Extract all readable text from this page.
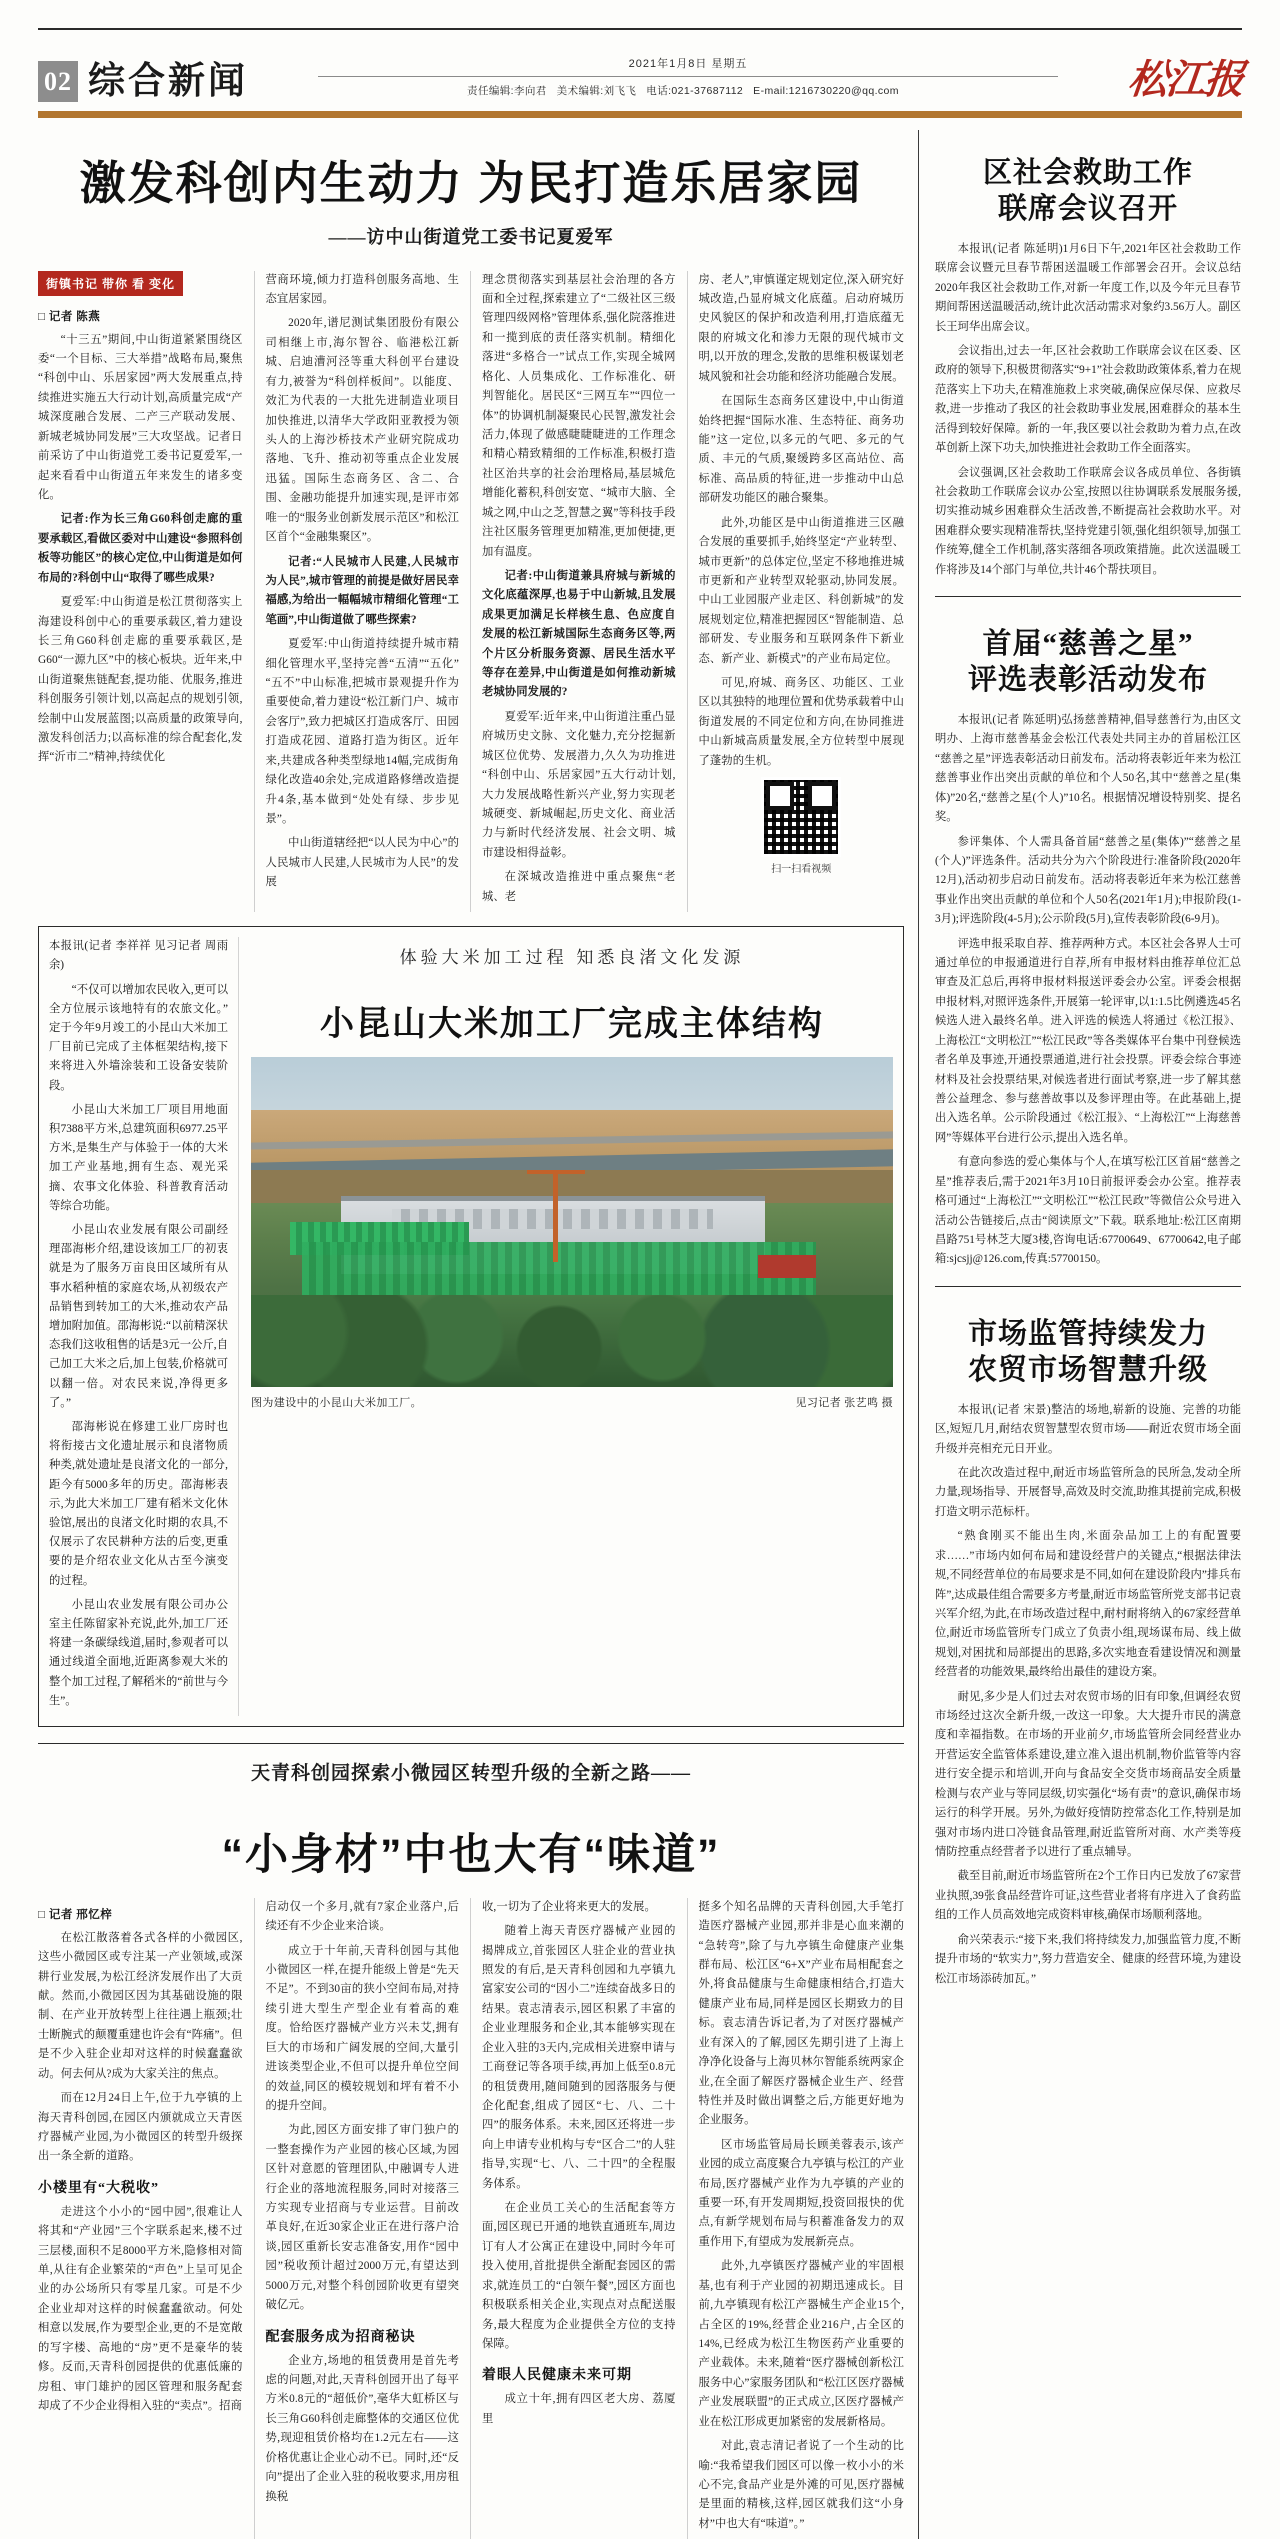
02 综合新闻	2021年1月8日 星期五
责任编辑:李向君 美术编辑:刘飞飞 电话:021-37687112 E-mail:1216730220@qq.com	松江报
激发科创内生动力 为民打造乐居家园
——访中山街道党工委书记夏爱军
街镇书记 带你 看 变化
□ 记者 陈燕

“十三五”期间,中山街道紧紧围绕区委“一个目标、三大举措”战略布局,聚焦“科创中山、乐居家园”两大发展重点,持续推进实施五大行动计划,高质量完成“产城深度融合发展、二产三产联动发展、新城老城协同发展”三大攻坚战。记者日前采访了中山街道党工委书记夏爱军,一起来看看中山街道五年来发生的诸多变化。

记者:作为长三角G60科创走廊的重要承载区,看做区委对中山建设“参照科创板等功能区”的核心定位,中山街道是如何布局的?科创中山“取得了哪些成果?

夏爱军:中山街道是松江贯彻落实上海建设科创中心的重要承载区,着力建设长三角G60科创走廊的重要承载区,是G60“一源九区”中的核心板块。近年来,中山街道聚焦链配套,提功能、优服务,推进科创服务引领计划,以高起点的规划引领,绘制中山发展蓝图;以高质量的政策导向,激发科创活力;以高标准的综合配套化,发挥“沂市二”精神,持续优化

营商环境,倾力打造科创服务高地、生态宜居家园。

2020年,谱尼测试集团股份有限公司相继上市,海尔智谷、临港松江新城、启迪漕河泾等重大科创平台建设有力,被誉为“科创样板间”。以能度、效汇为代表的一大批先进制造业项目加快推进,以清华大学政阳亚教授为领头人的上海沙桥技术产业研究院成功落地、飞升、推动初等重点企业发展迅猛。国际生态商务区、含二、合围、金融功能提升加速实现,是评市郊唯一的“服务业创新发展示范区”和松江区首个“金融集聚区”。

记者:“人民城市人民建,人民城市为人民”,城市管理的前提是做好居民幸福感,为给出一幅幅城市精细化管理“工笔画”,中山街道做了哪些探索?

夏爱军:中山街道持续提升城市精细化管理水平,坚持完善“五清”“五化”“五不”中山标准,把城市景观提升作为重要使命,着力建设“松江新门户、城市会客厅”,致力把城区打造成客厅、田园打造成花园、道路打造为街区。近年来,共建成各种类型绿地14幅,完成街角绿化改造40余处,完成道路修缮改造提升4条,基本做到“处处有绿、步步见景”。

中山街道辖经把“以人民为中心”的人民城市人民建,人民城市为人民”的发展

理念贯彻落实到基层社会治理的各方面和全过程,探索建立了“二级社区三级管理四级网格”管理体系,强化院落推进和一揽到底的责任落实机制。精细化落进“多格合一”试点工作,实现全城网格化、人员集成化、工作标准化、研判智能化。居民区“三网互车”“四位一体”的协调机制凝聚民心民智,激发社会活力,体现了做感睫睫睫进的工作理念和精心精致精细的工作标准,积极打造社区治共享的社会治理格局,基层城危增能化蓄积,科创安宽、“城市大脑、全城之网,中山之芝,智慧之翼”等科技手段注社区服务管理更加精准,更加便捷,更加有温度。

记者:中山街道兼具府城与新城的文化底蕴深厚,也易于中山新城,且发展成果更加满足长样核生息、色应度自发展的松江新城国际生态商务区等,两个片区分析服务资源、居民生活水平等存在差异,中山街道是如何推动新城老城协同发展的?

夏爱军:近年来,中山街道注重凸显府城历史文脉、文化魅力,充分挖掘新城区位优势、发展潜力,久久为功推进“科创中山、乐居家园”五大行动计划,大力发展战略性新兴产业,努力实现老城硬变、新城崛起,历史文化、商业活力与新时代经济发展、社会文明、城市建设相得益彰。

在深城改造推进中重点聚焦“老城、老

房、老人”,审慎谨定规划定位,深入研究好城改造,凸显府城文化底蕴。启动府城历史风貌区的保护和改造利用,打造底蕴无限的府城文化和渗力无限的现代城市文明,以开放的理念,发散的思维积极谋划老城风貌和社会功能和经济功能融合发展。

在国际生态商务区建设中,中山街道始终把握“国际水准、生态特征、商务功能”这一定位,以多元的气吧、多元的气质、丰元的气质,聚缓跨多区高站位、高标准、高品质的特征,进一步推动中山总部研发功能区的融合聚集。

此外,功能区是中山街道推进三区融合发展的重要抓手,始终坚定“产业转型、城市更新”的总体定位,坚定不移地推进城市更新和产业转型双轮驱动,协同发展。中山工业园服产业走区、科创新城”的发展规划定位,精准把握园区“智能制造、总部研发、专业服务和互联网条件下新业态、新产业、新模式”的产业布局定位。

可见,府城、商务区、功能区、工业区以其独特的地理位置和优势承载着中山街道发展的不同定位和方向,在协同推进中山新城高质量发展,全方位转型中展现了蓬勃的生机。

扫一扫看视频

本报讯(记者 李祥祥 见习记者 周雨余)

“不仅可以增加农民收入,更可以全方位展示该地特有的农旅文化。”定于今年9月竣工的小昆山大米加工厂目前已完成了主体框架结构,接下来将进入外墙涂装和工设备安装阶段。

小昆山大米加工厂项目用地面积7388平方米,总建筑面积6977.25平方米,是集生产与体验于一体的大米加工产业基地,拥有生态、观光采摘、农事文化体验、科普教育活动等综合功能。

小昆山农业发展有限公司副经理邵海彬介绍,建设该加工厂的初衷就是为了服务万亩良田区域所有从事水稻种植的家庭农场,从初级农产品销售到转加工的大米,推动农产品增加附加值。邵海彬说:“以前精深状态我们这收租售的话是3元一公斤,自己加工大米之后,加上包装,价格就可以翻一倍。对农民来说,净得更多了。”

邵海彬说在修建工业厂房时也将衔接古文化遗址展示和良渚物质种类,就处遗址是良渚文化的一部分,距今有5000多年的历史。邵海彬表示,为此大米加工厂建有稻米文化休验馆,展出的良渚文化时期的农具,不仅展示了农民耕种方法的后变,更重要的是介绍农业文化从古至今演变的过程。

小昆山农业发展有限公司办公室主任陈留家补充说,此外,加工厂还将建一条碳绿线道,届时,参观者可以通过线道全面地,近距离参观大米的整个加工过程,了解稻米的“前世与今生”。

体验大米加工过程 知悉良渚文化发源
小昆山大米加工厂完成主体结构
图为建设中的小昆山大米加工厂。	见习记者 张艺鸣 摄
天青科创园探索小微园区转型升级的全新之路——
“小身材”中也大有“味道”
□ 记者 邢忆梓

在松江散落着各式各样的小微园区,这些小微园区或专注某一产业领域,或深耕行业发展,为松江经济发展作出了大贡献。然而,小微园区因为其基础设施的限制、在产业开放转型上往往遇上瓶颈;壮士断腕式的颠覆重建也许会有“阵痛”。但是不少入驻企业却对这样的时候蠢蠢欲动。何去何从?成为大家关注的焦点。

而在12月24日上午,位于九亭镇的上海天青科创园,在园区内颁就成立天青医疗器械产业园,为小微园区的转型升级探出一条全新的道路。

小楼里有“大税收”

走进这个小小的“园中园”,很难让人将其和“产业园”三个字联系起来,楼不过三层楼,面积不足8000平方米,隐修相对简单,从往有企业繁荣的“声色”上呈可见企业的办公场所只有零星几家。可是不少企业业却对这样的时候蠢蠢欲动。何处相意以发展,作为要型企业,更的不是宽敞的写字楼、高地的“房”更不是豪华的装修。反而,天青科创园提供的优惠低廉的房租、审门雄护的园区管理和服务配套却成了不少企业得相入驻的“卖点”。招商

启动仅一个多月,就有7家企业落户,后续还有不少企业来洽谈。

成立于十年前,天青科创园与其他小微园区一样,在提升能级上曾是“先天不足”。不到30亩的狭小空间布局,对持续引进大型生产型企业有着高的难度。恰给医疗器械产业方兴未艾,拥有巨大的市场和广阔发展的空间,大量引进该类型企业,不但可以提升单位空间的效益,同区的模较规划和坪有着不小的提升空间。

为此,园区方面安排了审门独户的一整套操作为产业园的核心区域,为园区针对意愿的管理团队,中融调专人进行企业的落地流程服务,同时对接落三方实现专业招商与专业运营。目前改革良好,在近30家企业正在进行落户洽谈,园区重新长安志准备安,用作“园中园”税收预计超过2000万元,有望达到5000万元,对整个科创园阶收更有望突破亿元。

配套服务成为招商秘诀

企业方,场地的租赁费用是首先考虑的问题,对此,天青科创园开出了每平方米0.8元的“超低价”,毫华大虹桥区与长三角G60科创走廊整体的交通区位优势,现迎租赁价格均在1.2元左右——这价格优惠让企业心动不已。同时,还“反向”提出了企业入驻的税收要求,用房租换税

收,一切为了企业将来更大的发展。

随着上海天青医疗器械产业园的揭牌成立,首张园区人驻企业的营业执照发的有后,是天青科创园和九亭镇九富家安公司的“因小二”连续奋战多日的结果。袁志清表示,园区积累了丰富的企业业理服务和企业,其本能够实现在企业入驻的3天内,完成相关进察申请与工商登记等各项手续,再加上低至0.8元的租赁费用,随间随到的园落服务与便企化配套,组成了园区“七、八、二十四”的服务体系。未来,园区还将进一步向上申请专业机构与专“区合二”的人驻指导,实现“七、八、二十四”的全程服务体系。

在企业员工关心的生活配套等方面,园区现已开通的地铁直通班车,周边订有人才公寓正在建设中,同时今年可投入使用,首批提供全渐配套园区的需求,就连员工的“白领午餐”,园区方面也积极联系相关企业,实现点对点配送服务,最大程度为企业提供全方位的支持保障。

着眼人民健康未来可期

成立十年,拥有四区老大房、荔厦里

挺多个知名品牌的天青科创园,大手笔打造医疗器械产业园,那并非是心血来潮的“急转弯”,除了与九亭镇生命健康产业集群布局、松江区“6+X”产业布局相配套之外,将食品健康与生命健康相结合,打造大健康产业布局,同样是园区长期致力的目标。袁志清告诉记者,为了对医疗器械产业有深入的了解,园区先期引进了上海上净净化设备与上海贝林尔智能系统两家企业,在全面了解医疗器械企业生产、经营特性并及时做出调整之后,方能更好地为企业服务。

区市场监管局局长顾美蓉表示,该产业园的成立高度聚合九亭镇与松江的产业布局,医疗器械产业作为九亭镇的产业的重要一环,有开发周期短,投资回报快的优点,有新学规划布局与积蓄准备发力的双重作用下,有望成为发展新亮点。

此外,九亭镇医疗器械产业的牢固根基,也有利于产业园的初期迅速成长。目前,九亭镇现有松江产器械生产企业15个,占全区的19%,经营企业216户,占全区的14%,已经成为松江生物医药产业重要的产业载体。未来,随着“医疗器械创新松江服务中心”家服务团队和“松江区医疗器械产业发展联盟”的正式成立,区医疗器械产业在松江形成更加紧密的发展新格局。

对此,袁志清记者说了一个生动的比喻:“我希望我们园区可以像一枚小小的米心不完,食品产业是外滩的可见,医疗器械是里面的精核,这样,园区就我们这“小身材”中也大有“味道”。”

区社会救助工作
联席会议召开

本报讯(记者 陈延明)1月6日下午,2021年区社会救助工作联席会议暨元旦春节帮困送温暖工作部署会召开。会议总结2020年我区社会救助工作,对新一年度工作,以及今年元旦春节期间帮困送温暖活动,统计此次活动需求对象约3.56万人。副区长王珂华出席会议。

会议指出,过去一年,区社会救助工作联席会议在区委、区政府的领导下,积极贯彻落实“9+1”社会救助政策体系,着力在规范落实上下功夫,在精准施救上求突破,确保应保尽保、应救尽救,进一步推动了我区的社会救助事业发展,困难群众的基本生活得到较好保障。新的一年,我区要以社会救助为着力点,在改革创新上深下功夫,加快推进社会救助工作全面落实。

会议强调,区社会救助工作联席会议各成员单位、各街镇社会救助工作联席会议办公室,按照以往协调联系发展服务援,切实推动城乡困难群众生活改善,不断提高社会救助水平。对困难群众要实现精准帮扶,坚持党建引领,强化组织领导,加强工作统筹,健全工作机制,落实落细各项政策措施。此次送温暖工作将涉及14个部门与单位,共计46个帮扶项目。

首届“慈善之星”
评选表彰活动发布

本报讯(记者 陈延明)弘扬慈善精神,倡导慈善行为,由区文明办、上海市慈善基金会松江代表处共同主办的首届松江区“慈善之星”评选表彰活动日前发布。活动将表彰近年来为松江慈善事业作出突出贡献的单位和个人50名,其中“慈善之星(集体)”20名,“慈善之星(个人)”10名。根据情况增设特别奖、提名奖。

参评集体、个人需具备首届“慈善之星(集体)”“慈善之星(个人)”评选条件。活动共分为六个阶段进行:准备阶段(2020年12月),活动初步启动日前发布。活动将表彰近年来为松江慈善事业作出突出贡献的单位和个人50名(2021年1月);申报阶段(1-3月);评选阶段(4-5月);公示阶段(5月),宣传表彰阶段(6-9月)。

评选申报采取自荐、推荐两种方式。本区社会各界人士可通过单位的申报通道进行自荐,所有申报材料由推荐单位汇总审查及汇总后,再将申报材料报送评委会办公室。评委会根据申报材料,对照评选条件,开展第一轮评审,以1:1.5比例遴选45名候选人进入最终名单。进入评选的候选人将通过《松江报》、上海松江“文明松江”“松江民政”等各类媒体平台集中刊登候选者名单及事迹,开通投票通道,进行社会投票。评委会综合事迹材料及社会投票结果,对候选者进行面试考察,进一步了解其慈善公益理念、参与慈善故事以及参评理由等。在此基础上,提出入选名单。公示阶段通过《松江报》、“上海松江”“上海慈善网”等媒体平台进行公示,提出入选名单。

有意向参选的爱心集体与个人,在填写松江区首届“慈善之星”推荐表后,需于2021年3月10日前报评委会办公室。推荐表格可通过“上海松江”“文明松江”“松江民政”等微信公众号进入活动公告链接后,点击“阅读原文”下载。联系地址:松江区南期昌路751号林芝大厦3楼,咨询电话:67700649、67700642,电子邮箱:sjcsjj@126.com,传真:57700150。

市场监管持续发力
农贸市场智慧升级

本报讯(记者 宋景)整洁的场地,崭新的设施、完善的功能区,短短几月,耐结农贸智慧型农贸市场——耐近农贸市场全面升级并亮相充元日开业。

在此次改造过程中,耐近市场监管所急的民所急,发动全所力量,现场指导、开展督导,高效及时交流,助推其提前完成,积极打造文明示范标杆。

“熟食刚买不能出生肉,米面杂品加工上的有配置要求……”市场内如何布局和建设经营户的关键点,“根据法律法规,不同经营单位的布局要求是不同,如何在建设阶段内”排兵布阵”,达成最佳组合需要多方考量,耐近市场监管所党支部书记袁兴军介绍,为此,在市场改造过程中,耐村耐将纳入的67家经营单位,耐近市场监管所专门成立了负责小组,现场谋布局、线上做规划,对困扰和局部提出的思路,多次实地查看建设情况和测量经营者的功能效果,最终给出最佳的建设方案。

耐见,多少是人们过去对农贸市场的旧有印象,但调经农贸市场经过这次全新升级,一改这一印象。大大提升市民的满意度和幸福指数。在市场的开业前夕,市场监管所会同经营业办开营运安全监管体系建设,建立准入退出机制,物价监管等内容进行安全提示和培训,开向与食品安全交货市场商品安全质量检测与农产业与等同层级,切实强化“场有责”的意识,确保市场运行的科学开展。另外,为做好疫情防控常态化工作,特别是加强对市场内进口冷链食品管理,耐近监管所对商、水产类等疫情防控重点经营者予以进行了重点辅导。

截至目前,耐近市场监管所在2个工作日内已发放了67家营业执照,39张食品经营许可证,这些营业者将有序进入了食药监组的工作人员高效地完成资料审核,确保市场顺利落地。

俞兴荣表示:“接下来,我们将持续发力,加强监管力度,不断提升市场的“软实力”,努力营造安全、健康的经营环境,为建设松江市场添砖加瓦。”
